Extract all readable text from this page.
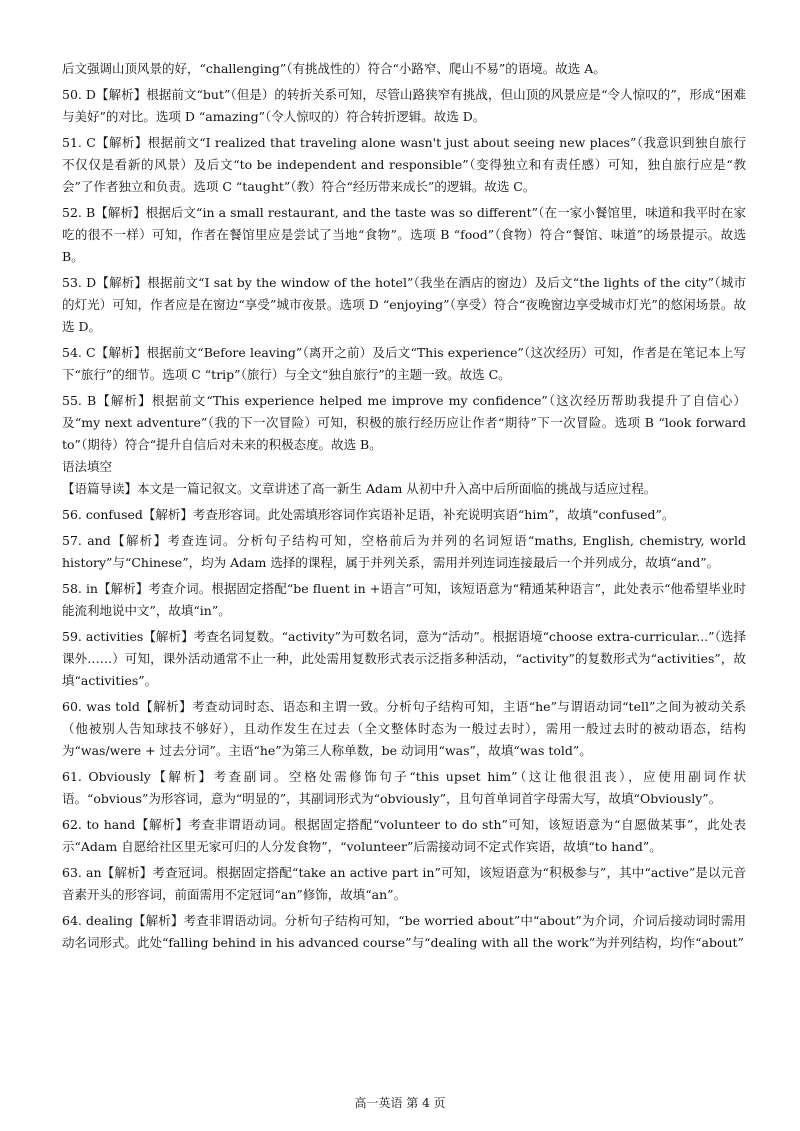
后文强调山顶风景的好，“challenging”（有挑战性的）符合“小路窄、爬山不易”的语境。故选 A。

50. D【解析】根据前文“but”（但是）的转折关系可知，尽管山路狭窄有挑战，但山顶的风景应是“令人惊叹的”，形成“困难与美好”的对比。选项 D “amazing”（令人惊叹的）符合转折逻辑。故选 D。

51. C【解析】根据前文“I realized that traveling alone wasn't just about seeing new places”（我意识到独自旅行不仅仅是看新的风景）及后文“to be independent and responsible”（变得独立和有责任感）可知，独自旅行应是“教会”了作者独立和负责。选项 C “taught”（教）符合“经历带来成长”的逻辑。故选 C。

52. B【解析】根据后文“in a small restaurant, and the taste was so different”（在一家小餐馆里，味道和我平时在家吃的很不一样）可知，作者在餐馆里应是尝试了当地“食物”。选项 B “food”（食物）符合“餐馆、味道”的场景提示。故选 B。

53. D【解析】根据前文“I sat by the window of the hotel”（我坐在酒店的窗边）及后文“the lights of the city”（城市的灯光）可知，作者应是在窗边“享受”城市夜景。选项 D “enjoying”（享受）符合“夜晚窗边享受城市灯光”的悠闲场景。故选 D。

54. C【解析】根据前文“Before leaving”（离开之前）及后文“This experience”（这次经历）可知，作者是在笔记本上写下“旅行”的细节。选项 C “trip”（旅行）与全文“独自旅行”的主题一致。故选 C。

55. B【解析】根据前文“This experience helped me improve my confidence”（这次经历帮助我提升了自信心）及“my next adventure”（我的下一次冒险）可知，积极的旅行经历应让作者“期待”下一次冒险。选项 B “look forward to”（期待）符合“提升自信后对未来的积极态度。故选 B。

语法填空

【语篇导读】本文是一篇记叙文。文章讲述了高一新生 Adam 从初中升入高中后所面临的挑战与适应过程。

56. confused【解析】考查形容词。此处需填形容词作宾语补足语，补充说明宾语“him”，故填“confused”。

57. and【解析】考查连词。分析句子结构可知，空格前后为并列的名词短语“maths, English, chemistry, world history”与“Chinese”，均为 Adam 选择的课程，属于并列关系，需用并列连词连接最后一个并列成分，故填“and”。

58. in【解析】考查介词。根据固定搭配“be fluent in +语言”可知，该短语意为“精通某种语言”，此处表示“他希望毕业时能流利地说中文”，故填“in”。

59. activities【解析】考查名词复数。“activity”为可数名词，意为“活动”。根据语境“choose extra-curricular...”（选择课外……）可知，课外活动通常不止一种，此处需用复数形式表示泛指多种活动，“activity”的复数形式为“activities”，故填“activities”。

60. was told【解析】考查动词时态、语态和主谓一致。分析句子结构可知，主语“he”与谓语动词“tell”之间为被动关系（他被别人告知球技不够好），且动作发生在过去（全文整体时态为一般过去时），需用一般过去时的被动语态，结构为“was/were + 过去分词”。主语“he”为第三人称单数，be 动词用“was”，故填“was told”。

61. Obviously【解析】考查副词。空格处需修饰句子“this upset him”（这让他很沮丧），应使用副词作状语。“obvious”为形容词，意为“明显的”，其副词形式为“obviously”，且句首单词首字母需大写，故填“Obviously”。

62. to hand【解析】考查非谓语动词。根据固定搭配“volunteer to do sth”可知，该短语意为“自愿做某事”，此处表示“Adam 自愿给社区里无家可归的人分发食物”，“volunteer”后需接动词不定式作宾语，故填“to hand”。

63. an【解析】考查冠词。根据固定搭配“take an active part in”可知，该短语意为“积极参与”，其中“active”是以元音音素开头的形容词，前面需用不定冠词“an”修饰，故填“an”。

64. dealing【解析】考查非谓语动词。分析句子结构可知，“be worried about”中“about”为介词，介词后接动词时需用动名词形式。此处“falling behind in his advanced course”与“dealing with all the work”为并列结构，均作“about”

高一英语 第 4 页
